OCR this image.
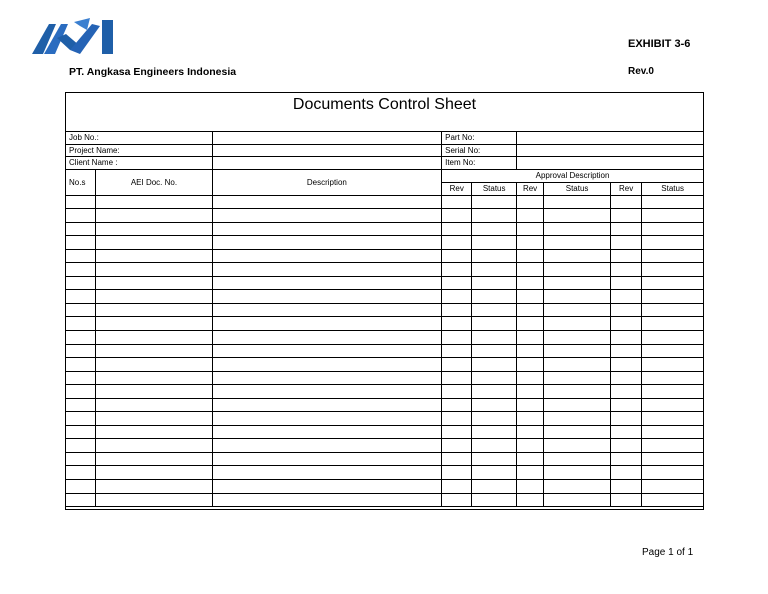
PT. Angkasa Engineers Indonesia
EXHIBIT 3-6
Rev.0
Documents Control Sheet
Job No.:			Part No:					
Project Name:			Serial No:					
Client Name :			Item No:					
No.s	AEI Doc. No.	Description	Approval Description					
			Rev	Status	Rev	Status	Rev	Status

Page 1 of 1
